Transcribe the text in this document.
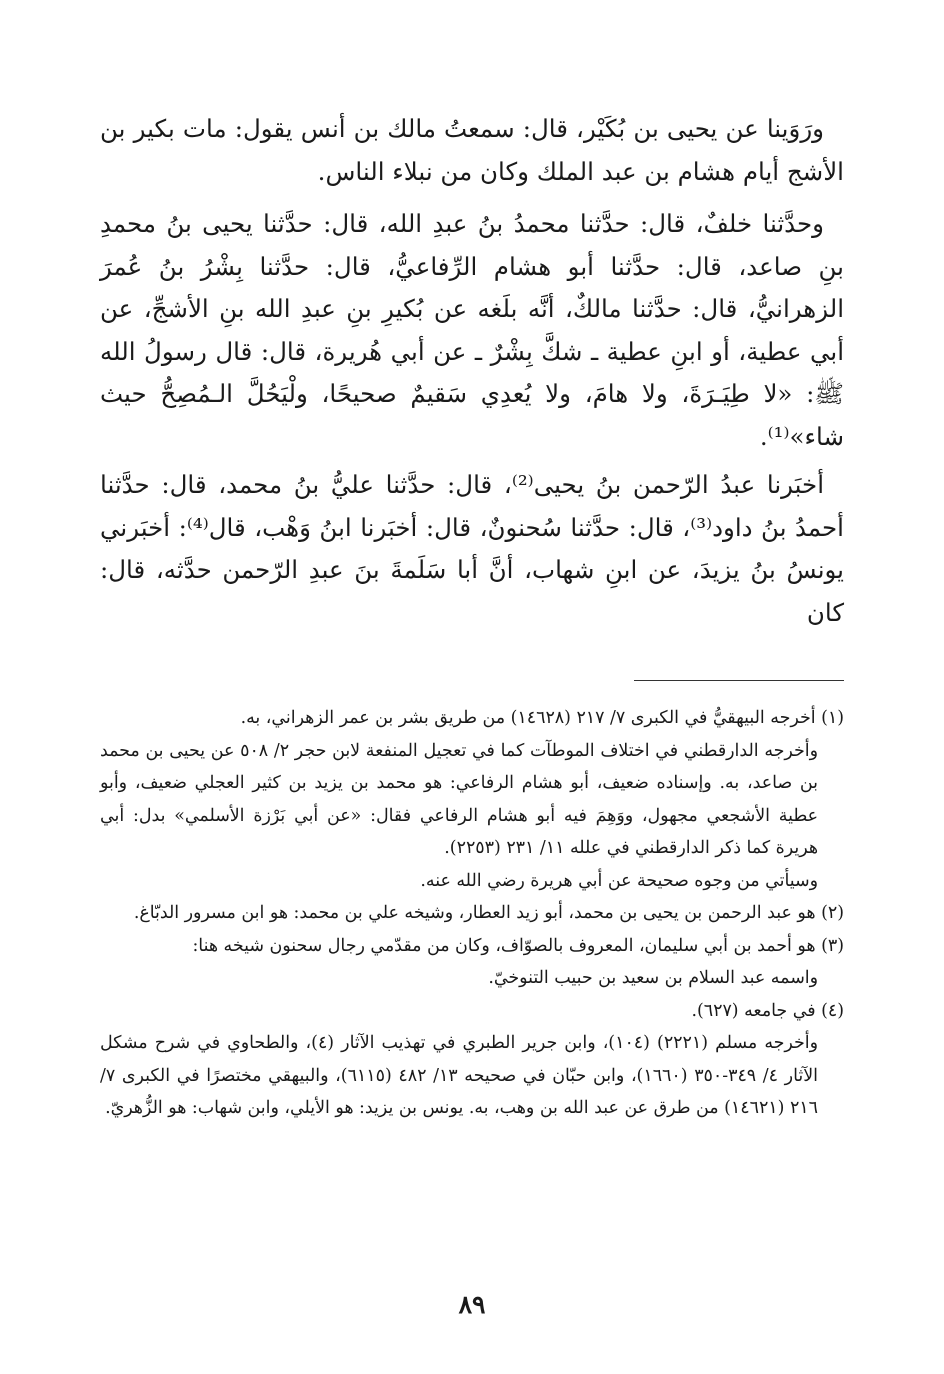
ورَوَينا عن يحيى بن بُكَيْر، قال: سمعتُ مالك بن أنس يقول: مات بكير بن الأشج أيام هشام بن عبد الملك وكان من نبلاء الناس.

وحدَّثنا خلفٌ، قال: حدَّثنا محمدُ بنُ عبدِ الله، قال: حدَّثنا يحيى بنُ محمدِ بنِ صاعد، قال: حدَّثنا أبو هشام الرِّفاعيُّ، قال: حدَّثنا بِشْرُ بنُ عُمرَ الزهرانيُّ، قال: حدَّثنا مالكٌ، أنَّه بلَغه عن بُكيرِ بنِ عبدِ الله بنِ الأشجِّ، عن أبي عطية، أو ابنِ عطية ـ شكَّ بِشْرٌ ـ عن أبي هُريرة، قال: قال رسولُ الله ﷺ: «لا طِيَـرَةَ، ولا هامَ، ولا يُعدِي سَقيمٌ صحيحًا، ولْيَحُلَّ الـمُصِحُّ حيث شاء»⁽¹⁾.

أخبَرنا عبدُ الرّحمن بنُ يحيى⁽²⁾، قال: حدَّثنا عليُّ بنُ محمد، قال: حدَّثنا أحمدُ بنُ داود⁽³⁾، قال: حدَّثنا سُحنونٌ، قال: أخبَرنا ابنُ وَهْب، قال⁽⁴⁾: أخبَرني يونسُ بنُ يزيدَ، عن ابنِ شهاب، أنَّ أبا سَلَمةَ بنَ عبدِ الرّحمن حدَّثه، قال: كان

(١) أخرجه البيهقيُّ في الكبرى ٧/ ٢١٧ (١٤٦٢٨) من طريق بشر بن عمر الزهراني، به.
وأخرجه الدارقطني في اختلاف الموطآت كما في تعجيل المنفعة لابن حجر ٢/ ٥٠٨ عن يحيى بن محمد بن صاعد، به. وإسناده ضعيف، أبو هشام الرفاعي: هو محمد بن يزيد بن كثير العجلي ضعيف، وأبو عطية الأشجعي مجهول، ووَهِمَ فيه أبو هشام الرفاعي فقال: «عن أبي بَرْزة الأسلمي» بدل: أبي هريرة كما ذكر الدارقطني في علله ١١/ ٢٣١ (٢٢٥٣).
وسيأتي من وجوه صحيحة عن أبي هريرة رضي الله عنه.
(٢) هو عبد الرحمن بن يحيى بن محمد، أبو زيد العطار، وشيخه علي بن محمد: هو ابن مسرور الدبّاغ.
(٣) هو أحمد بن أبي سليمان، المعروف بالصوّاف، وكان من مقدّمي رجال سحنون شيخه هنا:
واسمه عبد السلام بن سعيد بن حبيب التنوخيّ.
(٤) في جامعه (٦٢٧).
وأخرجه مسلم (٢٢٢١) (١٠٤)، وابن جرير الطبري في تهذيب الآثار (٤)، والطحاوي في شرح مشكل الآثار ٤/ ٣٤٩-٣٥٠ (١٦٦٠)، وابن حبّان في صحيحه ١٣/ ٤٨٢ (٦١١٥)، والبيهقي مختصرًا في الكبرى ٧/ ٢١٦ (١٤٦٢١) من طرق عن عبد الله بن وهب، به. يونس بن يزيد: هو الأيلي، وابن شهاب: هو الزُّهريّ.
٨٩
